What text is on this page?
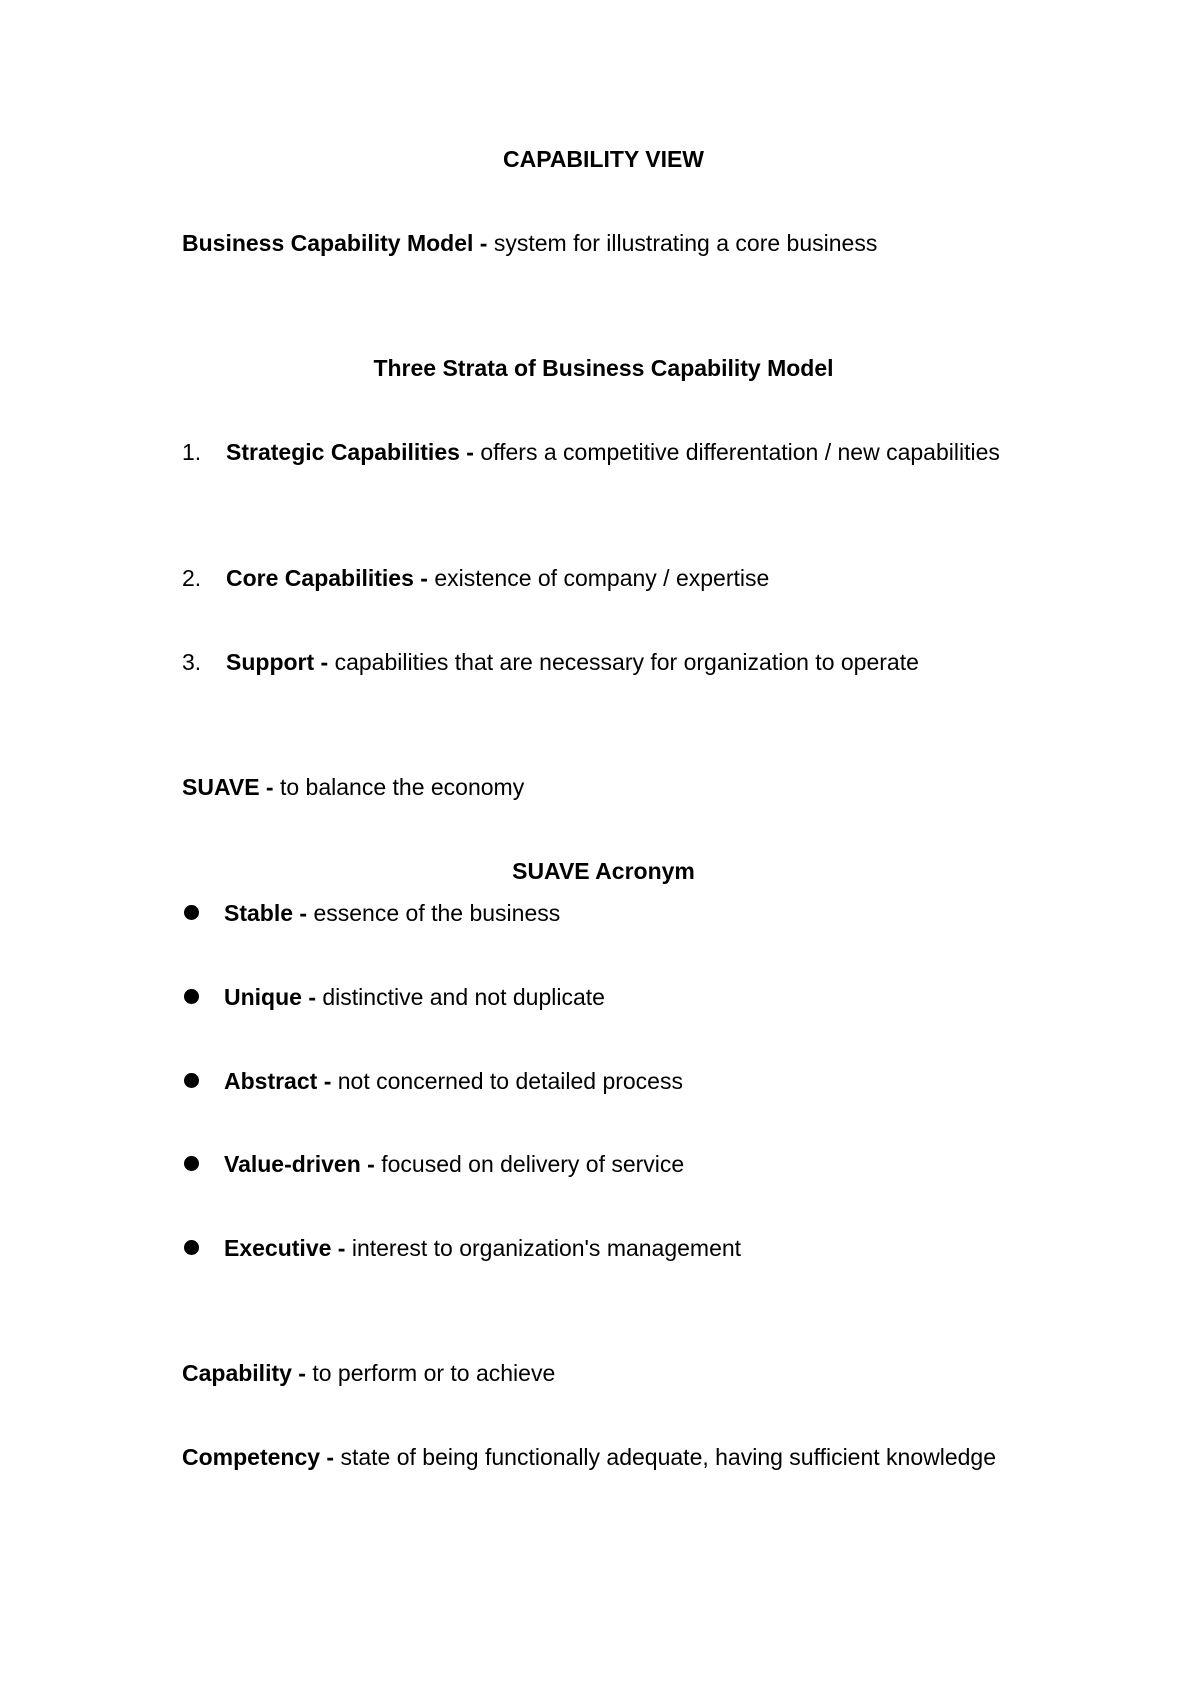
CAPABILITY VIEW
Business Capability Model - system for illustrating a core business
Three Strata of Business Capability Model
1.	Strategic Capabilities - offers a competitive differentation / new capabilities
2.	Core Capabilities - existence of company / expertise
3.	Support - capabilities that are necessary for organization to operate
SUAVE - to balance the economy
SUAVE Acronym
Stable - essence of the business
Unique - distinctive and not duplicate
Abstract - not concerned to detailed process
Value-driven - focused on delivery of service
Executive - interest to organization's management
Capability - to perform or to achieve
Competency - state of being functionally adequate, having sufficient knowledge
